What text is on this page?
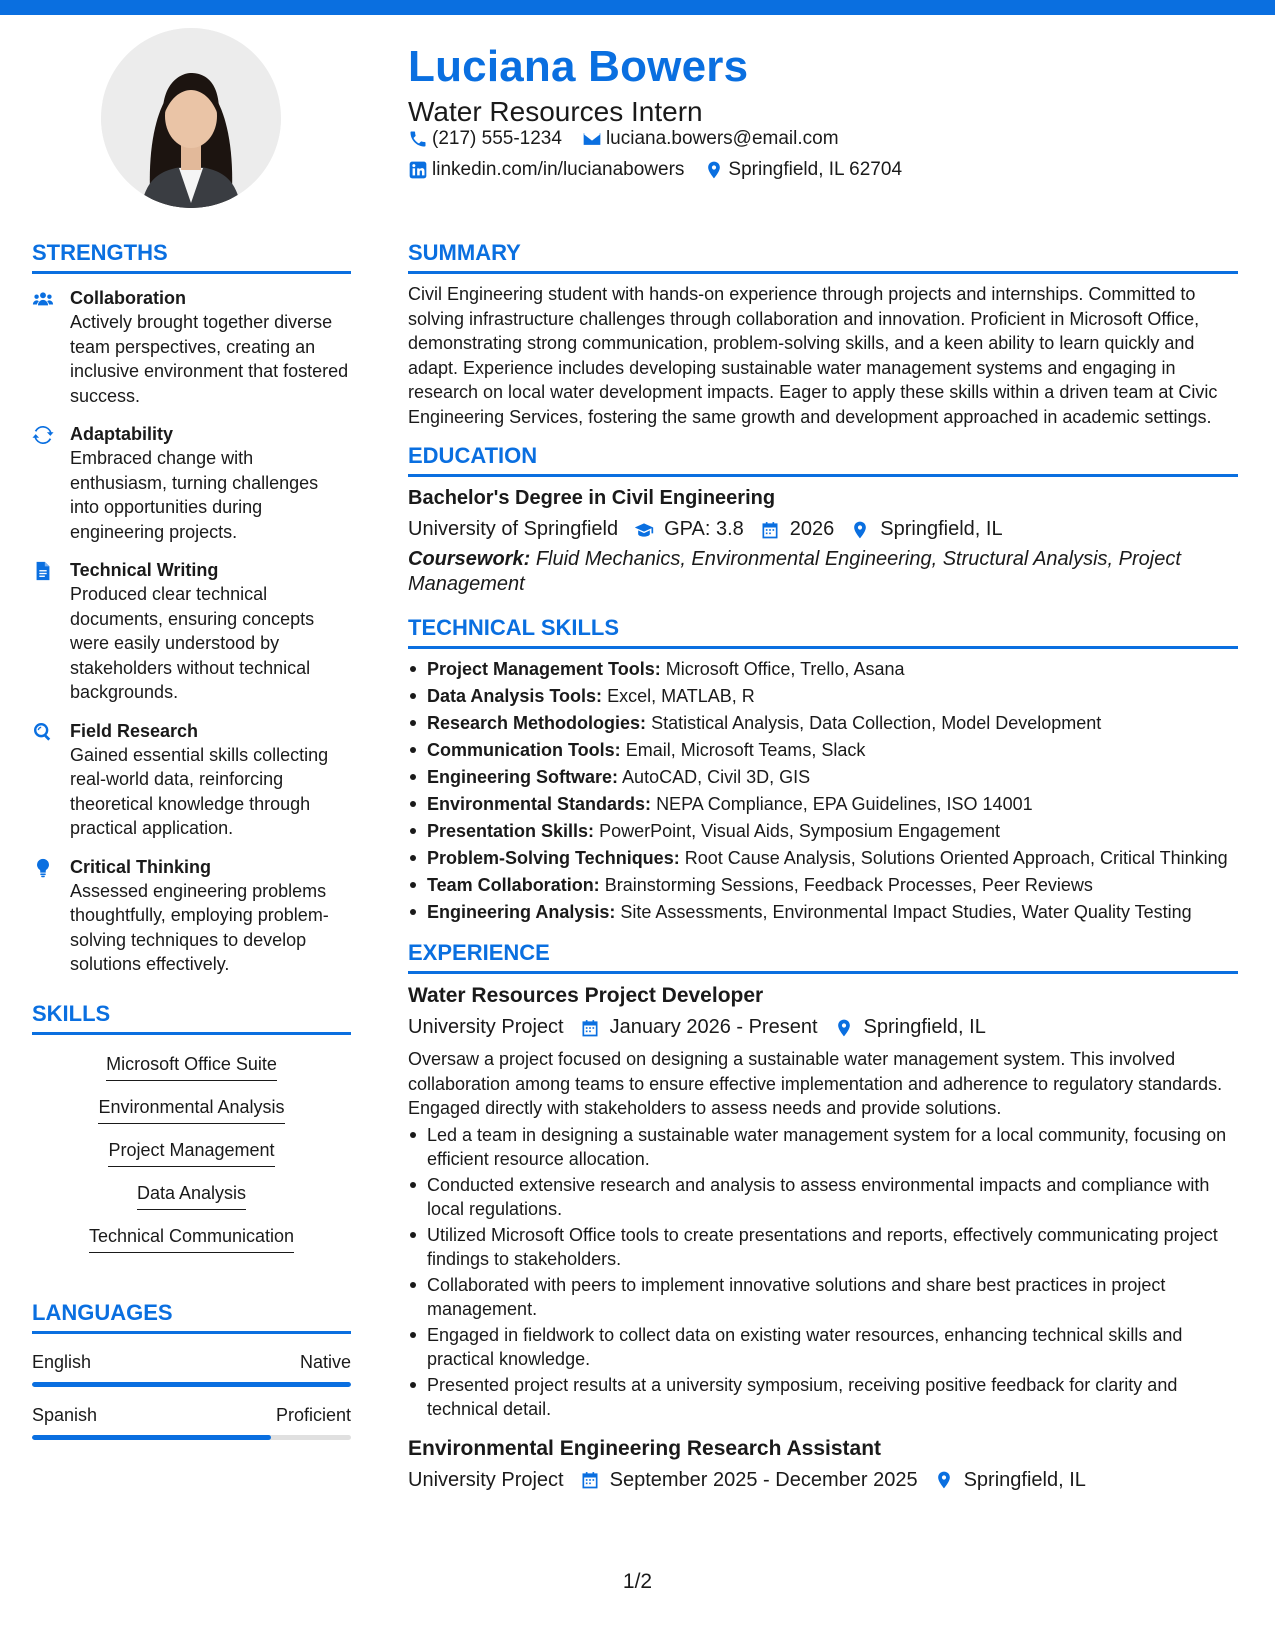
Luciana Bowers
Water Resources Intern
(217) 555-1234 luciana.bowers@email.com
linkedin.com/in/lucianabowers Springfield, IL 62704
STRENGTHS
Collaboration
Actively brought together diverse team perspectives, creating an inclusive environment that fostered success.
Adaptability
Embraced change with enthusiasm, turning challenges into opportunities during engineering projects.
Technical Writing
Produced clear technical documents, ensuring concepts were easily understood by stakeholders without technical backgrounds.
Field Research
Gained essential skills collecting real-world data, reinforcing theoretical knowledge through practical application.
Critical Thinking
Assessed engineering problems thoughtfully, employing problem-solving techniques to develop solutions effectively.
SKILLS
Microsoft Office Suite
Environmental Analysis
Project Management
Data Analysis
Technical Communication
LANGUAGES
English	Native
Spanish	Proficient
SUMMARY
Civil Engineering student with hands-on experience through projects and internships. Committed to solving infrastructure challenges through collaboration and innovation. Proficient in Microsoft Office, demonstrating strong communication, problem-solving skills, and a keen ability to learn quickly and adapt. Experience includes developing sustainable water management systems and engaging in research on local water development impacts. Eager to apply these skills within a driven team at Civic Engineering Services, fostering the same growth and development approached in academic settings.
EDUCATION
Bachelor's Degree in Civil Engineering
University of Springfield GPA: 3.8 2026 Springfield, IL
Coursework: Fluid Mechanics, Environmental Engineering, Structural Analysis, Project Management
TECHNICAL SKILLS
Project Management Tools: Microsoft Office, Trello, Asana
Data Analysis Tools: Excel, MATLAB, R
Research Methodologies: Statistical Analysis, Data Collection, Model Development
Communication Tools: Email, Microsoft Teams, Slack
Engineering Software: AutoCAD, Civil 3D, GIS
Environmental Standards: NEPA Compliance, EPA Guidelines, ISO 14001
Presentation Skills: PowerPoint, Visual Aids, Symposium Engagement
Problem-Solving Techniques: Root Cause Analysis, Solutions Oriented Approach, Critical Thinking
Team Collaboration: Brainstorming Sessions, Feedback Processes, Peer Reviews
Engineering Analysis: Site Assessments, Environmental Impact Studies, Water Quality Testing
EXPERIENCE
Water Resources Project Developer
University Project January 2026 - Present Springfield, IL
Oversaw a project focused on designing a sustainable water management system. This involved collaboration among teams to ensure effective implementation and adherence to regulatory standards. Engaged directly with stakeholders to assess needs and provide solutions.
Led a team in designing a sustainable water management system for a local community, focusing on efficient resource allocation.
Conducted extensive research and analysis to assess environmental impacts and compliance with local regulations.
Utilized Microsoft Office tools to create presentations and reports, effectively communicating project findings to stakeholders.
Collaborated with peers to implement innovative solutions and share best practices in project management.
Engaged in fieldwork to collect data on existing water resources, enhancing technical skills and practical knowledge.
Presented project results at a university symposium, receiving positive feedback for clarity and technical detail.
Environmental Engineering Research Assistant
University Project September 2025 - December 2025 Springfield, IL
1/2
